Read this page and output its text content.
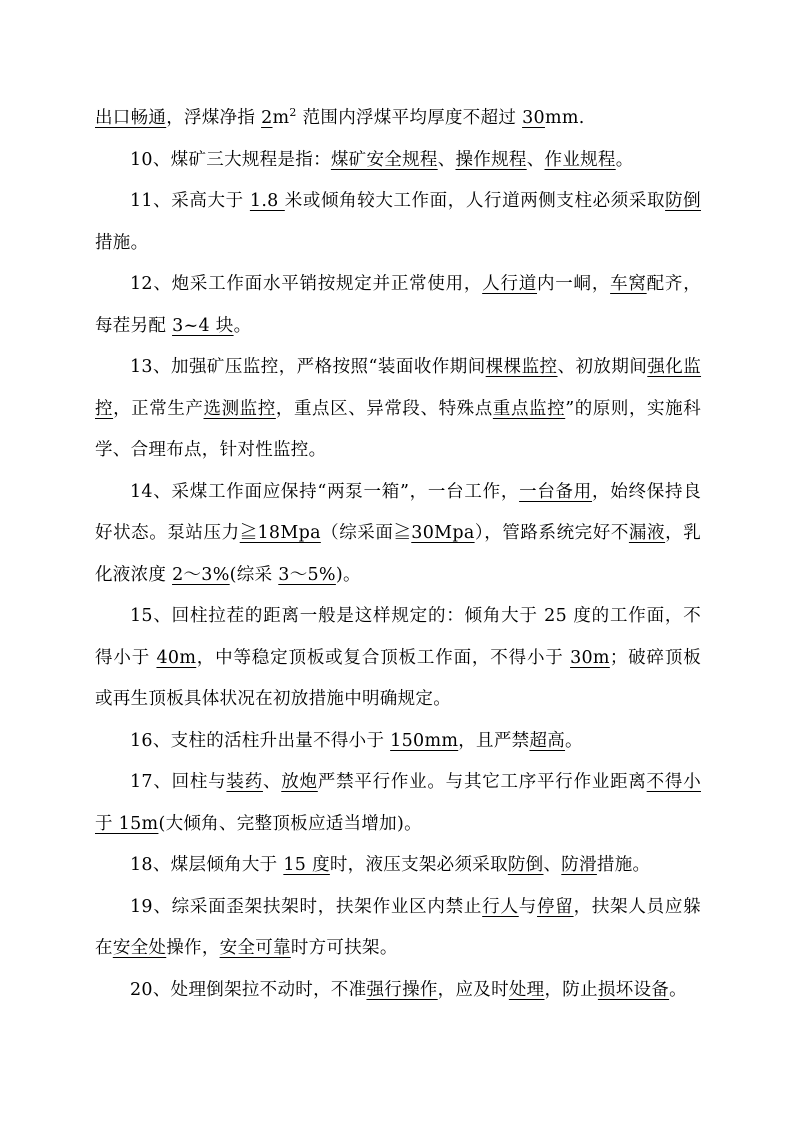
出口畅通，浮煤净指 $2m^2$ 范围内浮煤平均厚度不超过 30mm.

10、煤矿三大规程是指：煤矿安全规程、操作规程、作业规程。

11、采高大于 1.8 米或倾角较大工作面，人行道两侧支柱必须采取防倒措施。

12、炮采工作面水平销按规定并正常使用，人行道内一峒，车窝配齐，每茬另配 3~4 块。

13、加强矿压监控，严格按照“装面收作期间棵棵监控、初放期间强化监控，正常生产选测监控，重点区、异常段、特殊点重点监控”的原则，实施科学、合理布点，针对性监控。

14、采煤工作面应保持“两泵一箱”，一台工作，一台备用，始终保持良好状态。泵站压力≧18Mpa（综采面≧30Mpa），管路系统完好不漏液，乳化液浓度 2～3%(综采 3～5%)。

15、回柱拉茬的距离一般是这样规定的：倾角大于 25 度的工作面，不得小于 40m，中等稳定顶板或复合顶板工作面，不得小于 30m；破碎顶板或再生顶板具体状况在初放措施中明确规定。

16、支柱的活柱升出量不得小于 150mm，且严禁超高。

17、回柱与装药、放炮严禁平行作业。与其它工序平行作业距离不得小于 15m(大倾角、完整顶板应适当增加)。

18、煤层倾角大于 15 度时，液压支架必须采取防倒、防滑措施。

19、综采面歪架扶架时，扶架作业区内禁止行人与停留，扶架人员应躲在安全处操作，安全可靠时方可扶架。

20、处理倒架拉不动时，不准强行操作，应及时处理，防止损坏设备。
